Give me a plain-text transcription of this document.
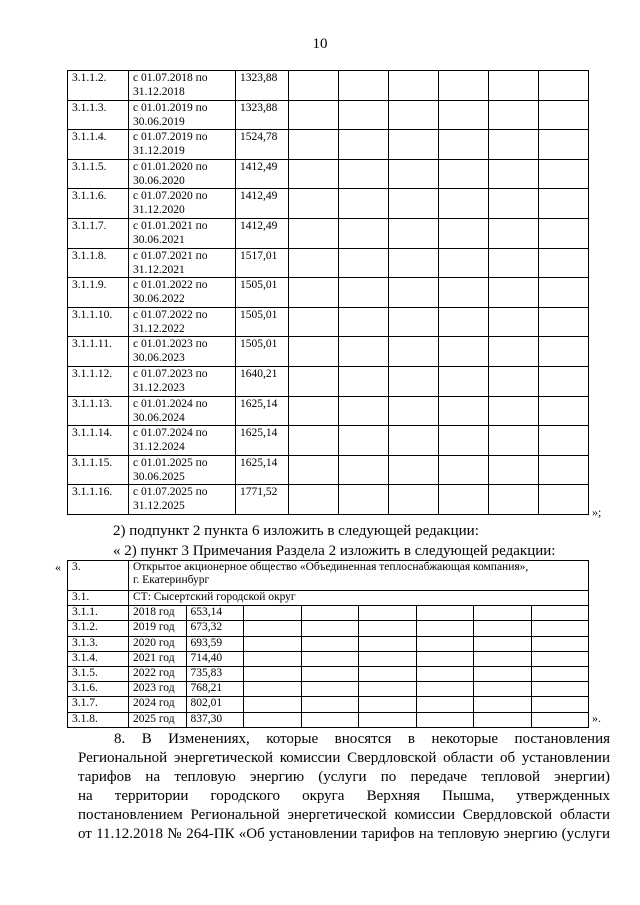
10
3.1.1.2.	с 01.07.2018 по
31.12.2018	1323,88						
3.1.1.3.	с 01.01.2019 по
30.06.2019	1323,88						
3.1.1.4.	с 01.07.2019 по
31.12.2019	1524,78						
3.1.1.5.	с 01.01.2020 по
30.06.2020	1412,49						
3.1.1.6.	с 01.07.2020 по
31.12.2020	1412,49						
3.1.1.7.	с 01.01.2021 по
30.06.2021	1412,49						
3.1.1.8.	с 01.07.2021 по
31.12.2021	1517,01						
3.1.1.9.	с 01.01.2022 по
30.06.2022	1505,01						
3.1.1.10.	с 01.07.2022 по
31.12.2022	1505,01						
3.1.1.11.	с 01.01.2023 по
30.06.2023	1505,01						
3.1.1.12.	с 01.07.2023 по
31.12.2023	1640,21						
3.1.1.13.	с 01.01.2024 по
30.06.2024	1625,14						
3.1.1.14.	с 01.07.2024 по
31.12.2024	1625,14						
3.1.1.15.	с 01.01.2025 по
30.06.2025	1625,14						
3.1.1.16.	с 01.07.2025 по
31.12.2025	1771,52						
»;
2) подпункт 2 пункта 6 изложить в следующей редакции:
« 2) пункт 3 Примечания Раздела 2 изложить в следующей редакции:
« 3.	Открытое акционерное общество «Объединенная теплоснабжающая компания»,
г. Екатеринбург							
3.1.	СТ: Сысертский городской округ							
3.1.1.	2018 год	653,14						
3.1.2.	2019 год	673,32						
3.1.3.	2020 год	693,59						
3.1.4.	2021 год	714,40						
3.1.5.	2022 год	735,83						
3.1.6.	2023 год	768,21						
3.1.7.	2024 год	802,01						
3.1.8.	2025 год	837,30							».
8. В Изменениях, которые вносятся в некоторые постановления
Региональной энергетической комиссии Свердловской области об установлении
тарифов на тепловую энергию (услуги по передаче тепловой энергии)
на территории городского округа Верхняя Пышма, утвержденных
постановлением Региональной энергетической комиссии Свердловской области
от 11.12.2018 № 264-ПК «Об установлении тарифов на тепловую энергию (услуги
